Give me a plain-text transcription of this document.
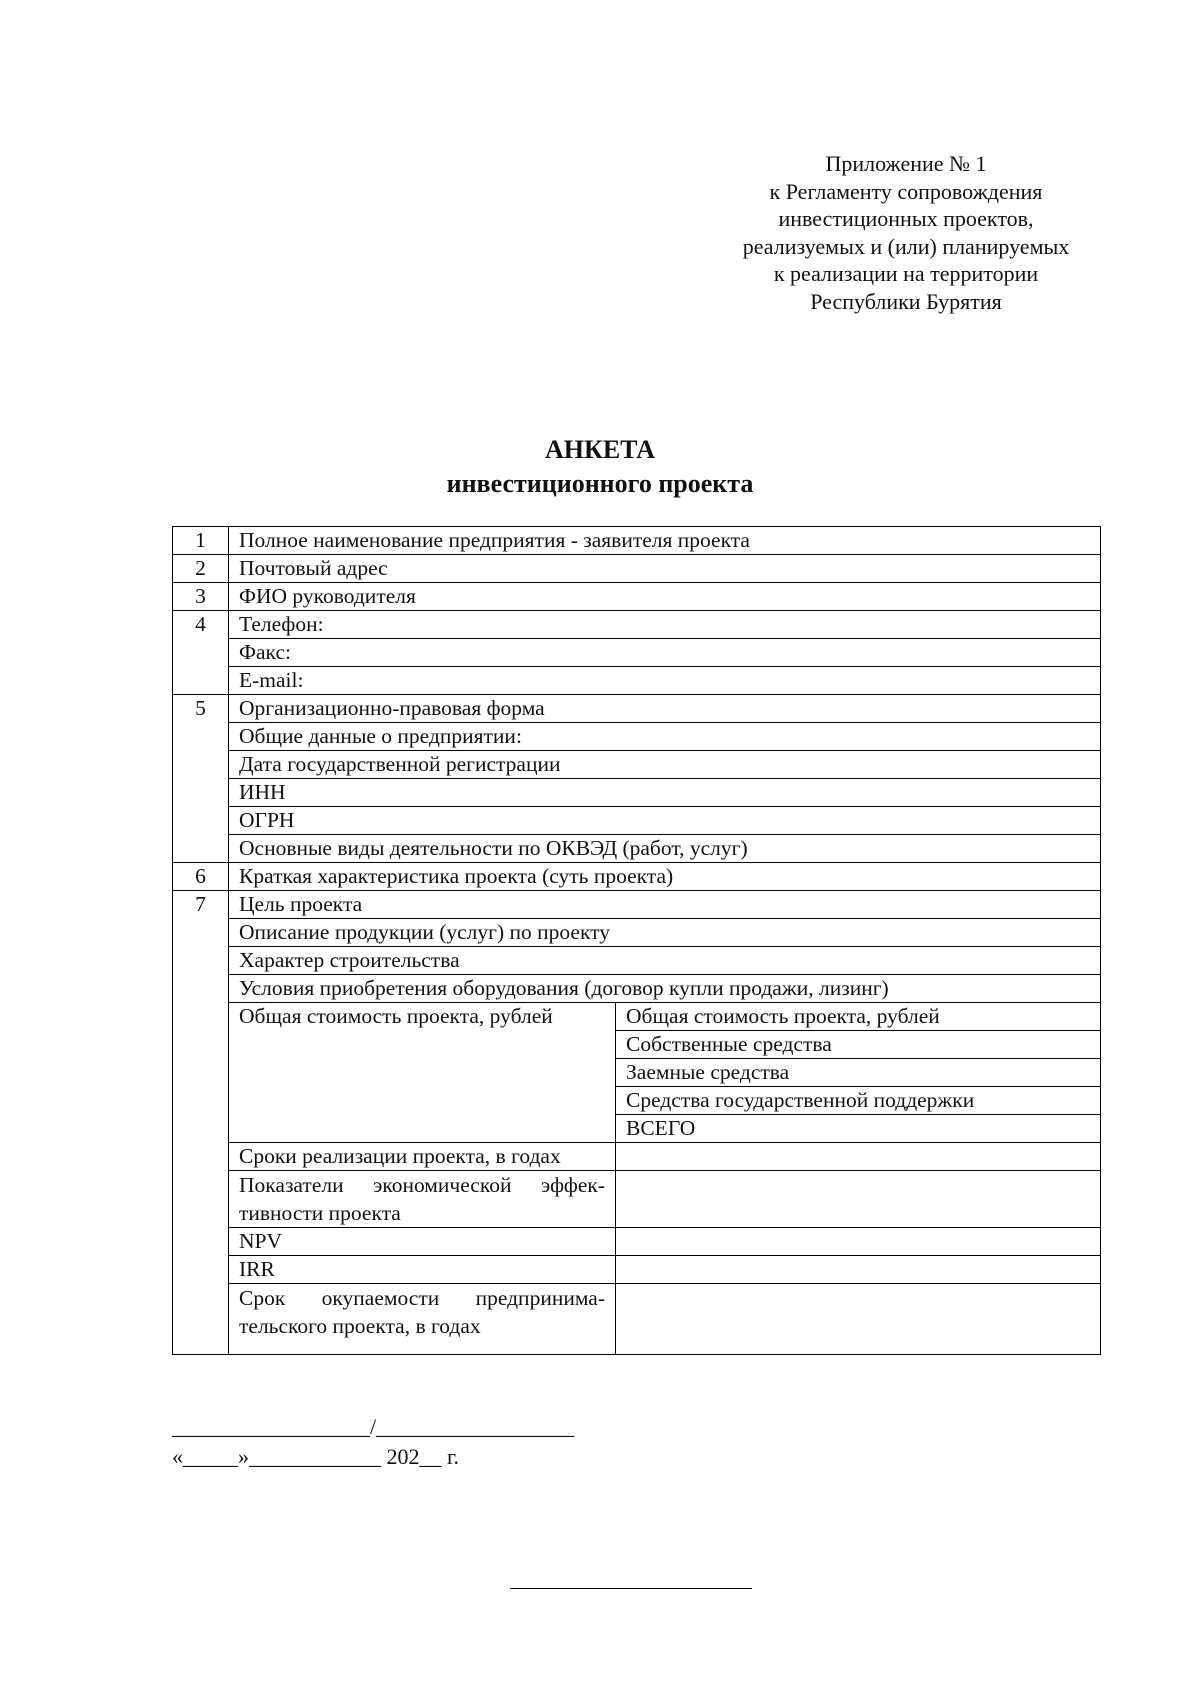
Приложение № 1
к Регламенту сопровождения
инвестиционных проектов,
реализуемых и (или) планируемых
к реализации на территории
Республики Бурятия
АНКЕТА
инвестиционного проекта
1	Полное наименование предприятия - заявителя проекта	
2	Почтовый адрес	
3	ФИО руководителя	
4	Телефон:	
	Факс:	
	E-mail:	
5	Организационно-правовая форма	
	Общие данные о предприятии:	
	Дата государственной регистрации	
	ИНН	
	ОГРН	
	Основные виды деятельности по ОКВЭД (работ, услуг)	
6	Краткая характеристика проекта (суть проекта)	
7	Цель проекта	
	Описание продукции (услуг) по проекту	
	Характер строительства	
	Условия приобретения оборудования (договор купли продажи, лизинг)	
	Общая стоимость проекта, рублей	Общая стоимость проекта, рублей
		Собственные средства
		Заемные средства
		Средства государственной поддержки
		ВСЕГО
	Сроки реализации проекта, в годах	
	Показатели экономической эффек-тивности проекта	
	NPV	
	IRR	
	Срок окупаемости предпринима-тельского проекта, в годах	
__________________/__________________
«_____»____________ 202__ г.
